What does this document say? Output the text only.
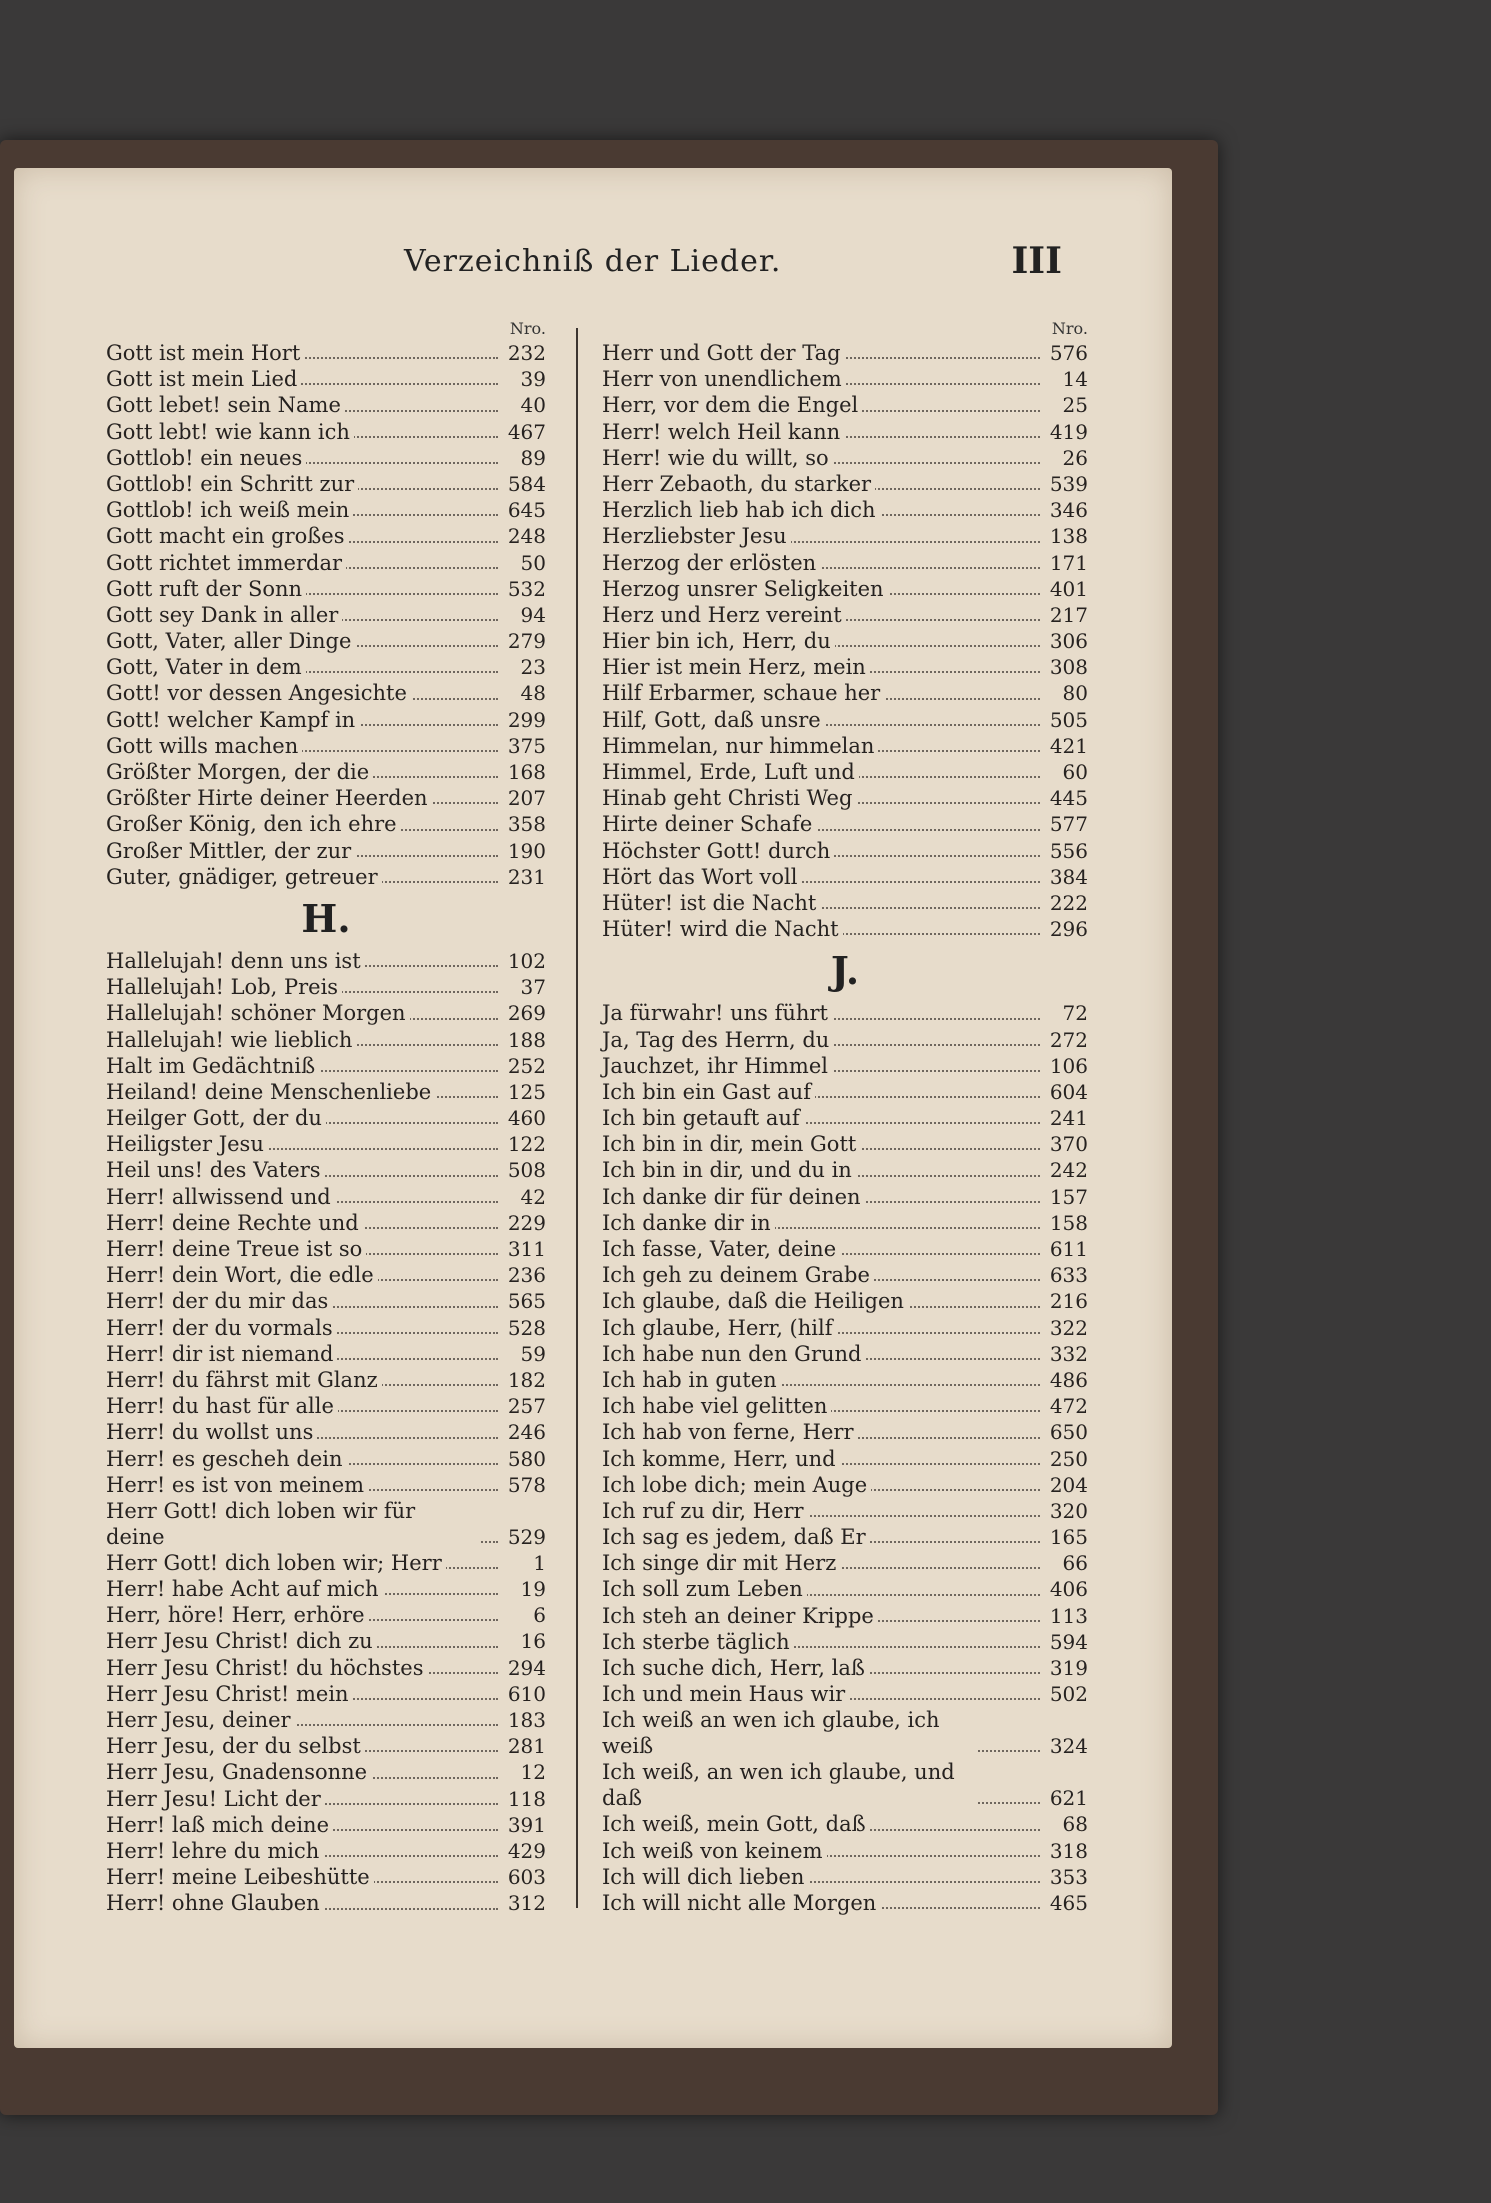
Verzeichniß der Lieder.	III
Nro.
Gott ist mein Hort	232
Gott ist mein Lied	39
Gott lebet! sein Name	40
Gott lebt! wie kann ich	467
Gottlob! ein neues	89
Gottlob! ein Schritt zur	584
Gottlob! ich weiß mein	645
Gott macht ein großes	248
Gott richtet immerdar	50
Gott ruft der Sonn	532
Gott sey Dank in aller	94
Gott, Vater, aller Dinge	279
Gott, Vater in dem	23
Gott! vor dessen Angesichte	48
Gott! welcher Kampf in	299
Gott wills machen	375
Größter Morgen, der die	168
Größter Hirte deiner Heerden	207
Großer König, den ich ehre	358
Großer Mittler, der zur	190
Guter, gnädiger, getreuer	231
H.
Hallelujah! denn uns ist	102
Hallelujah! Lob, Preis	37
Hallelujah! schöner Morgen	269
Hallelujah! wie lieblich	188
Halt im Gedächtniß	252
Heiland! deine Menschenliebe	125
Heilger Gott, der du	460
Heiligster Jesu	122
Heil uns! des Vaters	508
Herr! allwissend und	42
Herr! deine Rechte und	229
Herr! deine Treue ist so	311
Herr! dein Wort, die edle	236
Herr! der du mir das	565
Herr! der du vormals	528
Herr! dir ist niemand	59
Herr! du fährst mit Glanz	182
Herr! du hast für alle	257
Herr! du wollst uns	246
Herr! es gescheh dein	580
Herr! es ist von meinem	578
Herr Gott! dich loben wir für deine	529
Herr Gott! dich loben wir; Herr	1
Herr! habe Acht auf mich	19
Herr, höre! Herr, erhöre	6
Herr Jesu Christ! dich zu	16
Herr Jesu Christ! du höchstes	294
Herr Jesu Christ! mein	610
Herr Jesu, deiner	183
Herr Jesu, der du selbst	281
Herr Jesu, Gnadensonne	12
Herr Jesu! Licht der	118
Herr! laß mich deine	391
Herr! lehre du mich	429
Herr! meine Leibeshütte	603
Herr! ohne Glauben	312
Nro.
Herr und Gott der Tag	576
Herr von unendlichem	14
Herr, vor dem die Engel	25
Herr! welch Heil kann	419
Herr! wie du willt, so	26
Herr Zebaoth, du starker	539
Herzlich lieb hab ich dich	346
Herzliebster Jesu	138
Herzog der erlösten	171
Herzog unsrer Seligkeiten	401
Herz und Herz vereint	217
Hier bin ich, Herr, du	306
Hier ist mein Herz, mein	308
Hilf Erbarmer, schaue her	80
Hilf, Gott, daß unsre	505
Himmelan, nur himmelan	421
Himmel, Erde, Luft und	60
Hinab geht Christi Weg	445
Hirte deiner Schafe	577
Höchster Gott! durch	556
Hört das Wort voll	384
Hüter! ist die Nacht	222
Hüter! wird die Nacht	296
J.
Ja fürwahr! uns führt	72
Ja, Tag des Herrn, du	272
Jauchzet, ihr Himmel	106
Ich bin ein Gast auf	604
Ich bin getauft auf	241
Ich bin in dir, mein Gott	370
Ich bin in dir, und du in	242
Ich danke dir für deinen	157
Ich danke dir in	158
Ich fasse, Vater, deine	611
Ich geh zu deinem Grabe	633
Ich glaube, daß die Heiligen	216
Ich glaube, Herr, (hilf	322
Ich habe nun den Grund	332
Ich hab in guten	486
Ich habe viel gelitten	472
Ich hab von ferne, Herr	650
Ich komme, Herr, und	250
Ich lobe dich; mein Auge	204
Ich ruf zu dir, Herr	320
Ich sag es jedem, daß Er	165
Ich singe dir mit Herz	66
Ich soll zum Leben	406
Ich steh an deiner Krippe	113
Ich sterbe täglich	594
Ich suche dich, Herr, laß	319
Ich und mein Haus wir	502
Ich weiß an wen ich glaube, ich weiß	324
Ich weiß, an wen ich glaube, und daß	621
Ich weiß, mein Gott, daß	68
Ich weiß von keinem	318
Ich will dich lieben	353
Ich will nicht alle Morgen	465
